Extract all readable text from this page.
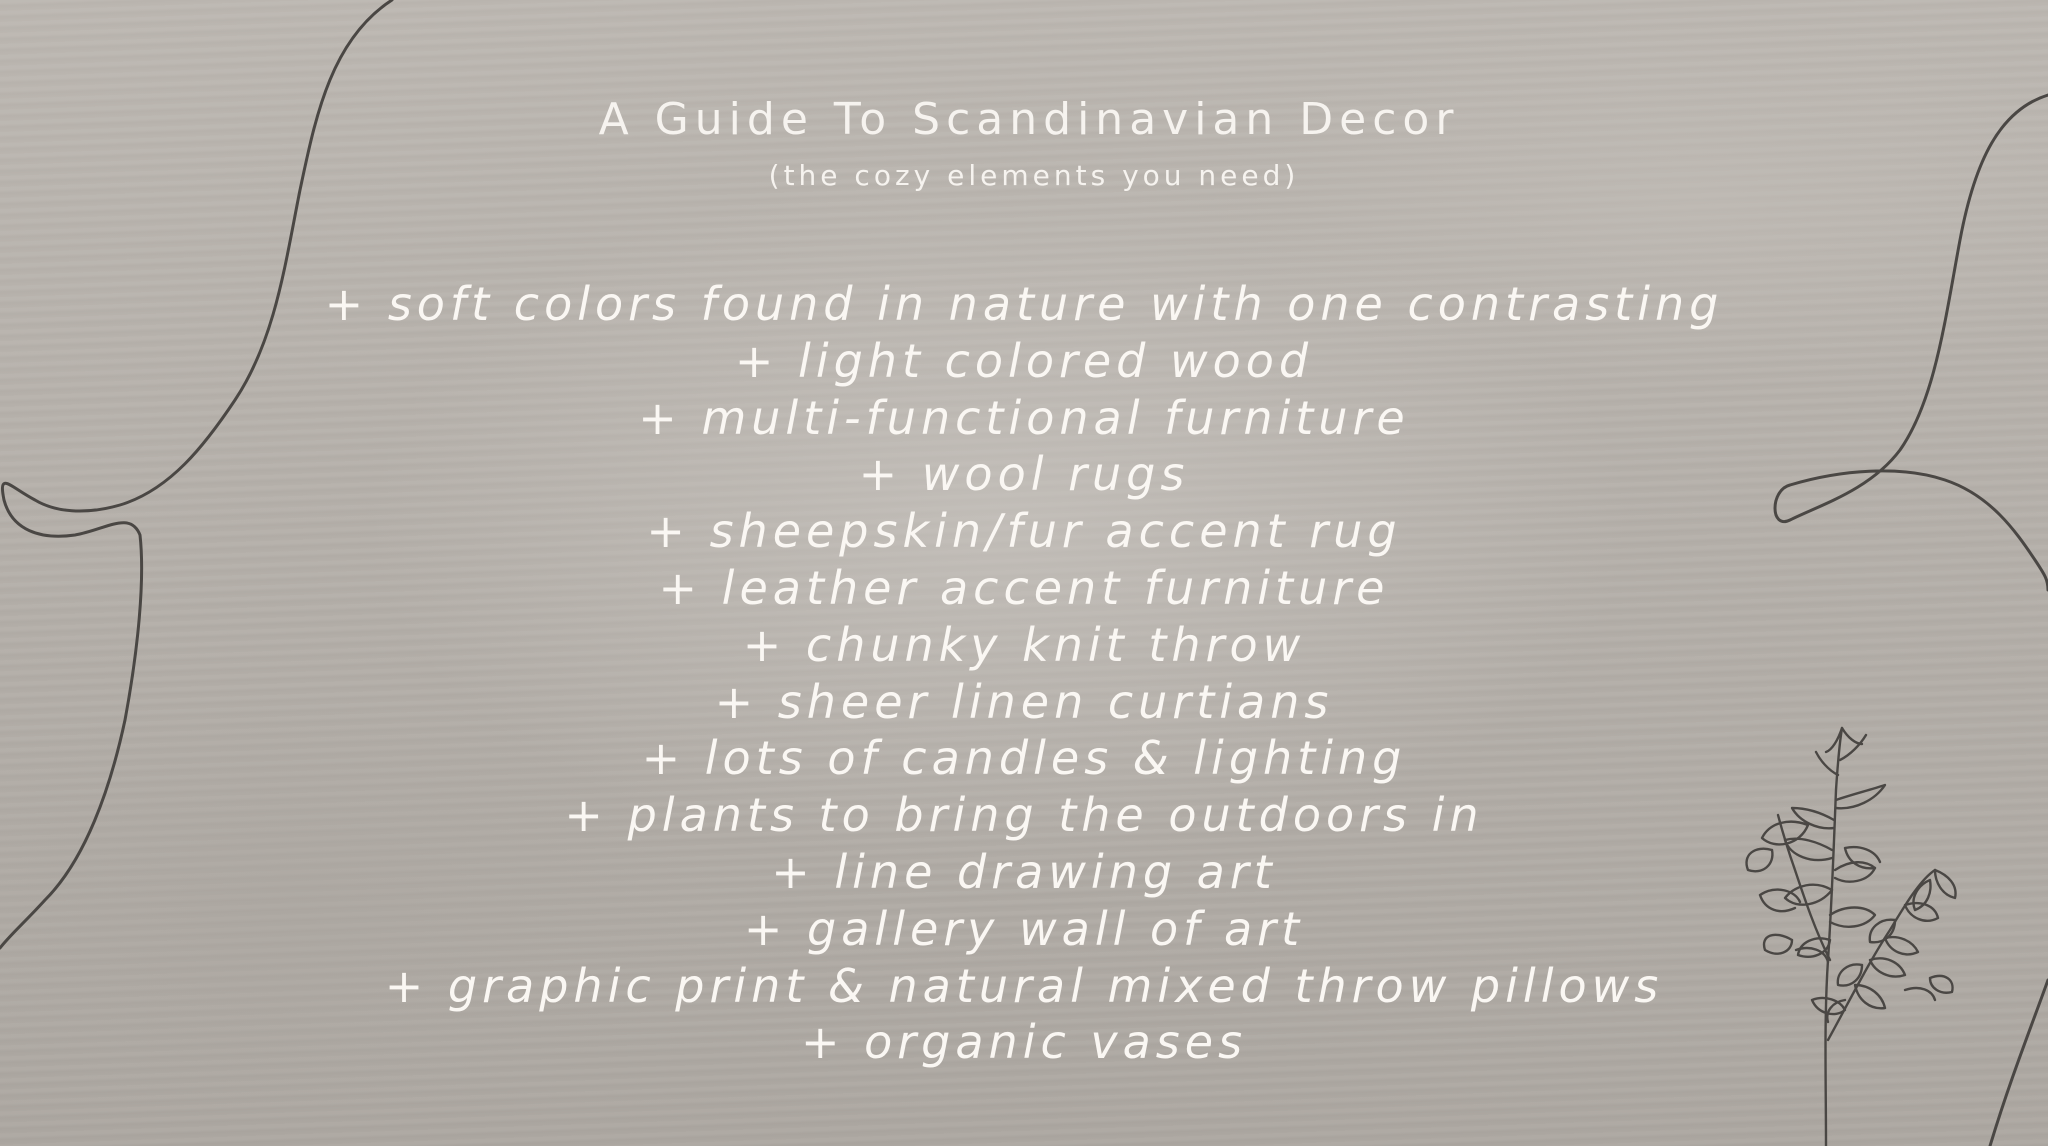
A Guide To Scandinavian Decor

(the cozy elements you need)

+ soft colors found in nature with one contrasting
+ light colored wood
+ multi-functional furniture
+ wool rugs
+ sheepskin/fur accent rug
+ leather accent furniture
+ chunky knit throw
+ sheer linen curtians
+ lots of candles & lighting
+ plants to bring the outdoors in
+ line drawing art
+ gallery wall of art
+ graphic print & natural mixed throw pillows
+ organic vases
